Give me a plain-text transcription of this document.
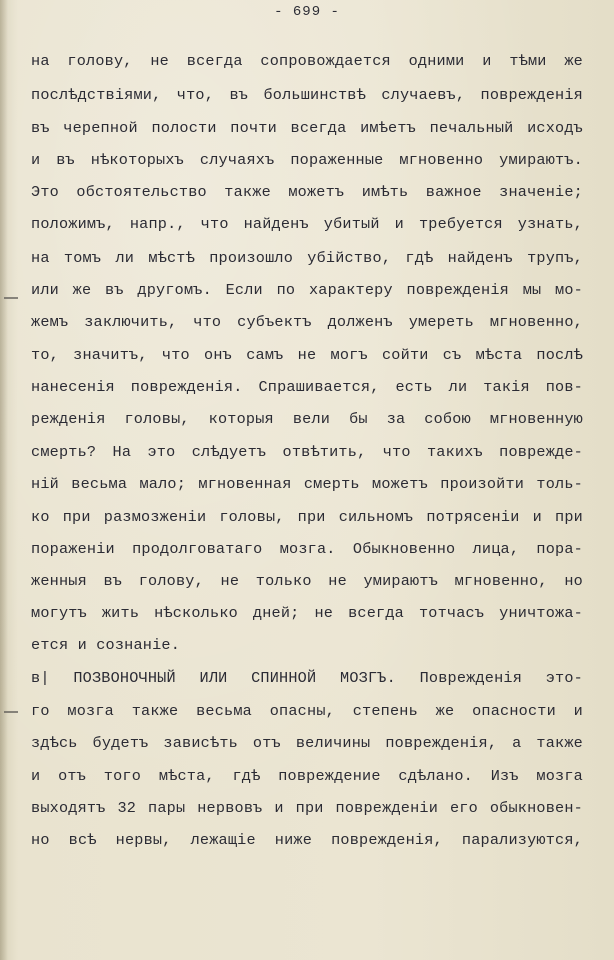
- 699 -
на голову, не всегда сопровождается одними и тѣми же
послѣдствіями, что, въ большинствѣ случаевъ, поврежденія
въ черепной полости почти всегда имѣетъ печальный исходъ
и въ нѣкоторыхъ случаяхъ пораженные мгновенно умираютъ.
Это обстоятельство также можетъ имѣть важное значеніе;
положимъ, напр., что найденъ убитый и требуется узнать,
на томъ ли мѣстѣ произошло убійство, гдѣ найденъ трупъ,
или же въ другомъ. Если по характеру поврежденія мы мо-
жемъ заключить, что субъектъ долженъ умереть мгновенно,
то, значитъ, что онъ самъ не могъ сойти съ мѣста послѣ
нанесенія поврежденія. Спрашивается, есть ли такія пов-
режденія головы, которыя вели бы за собою мгновенную
смерть? На это слѣдуетъ отвѣтить, что такихъ поврежде-
ній весьма мало; мгновенная смерть можетъ произойти толь-
ко при размозженіи головы, при сильномъ потрясеніи и при
пораженіи продолговатаго мозга. Обыкновенно лица, пора-
женныя въ голову, не только не умираютъ мгновенно, но
могутъ жить нѣсколько дней; не всегда тотчасъ уничтожа-
ется и сознаніе.
в| ПОЗВОНОЧНЫЙ ИЛИ СПИННОЙ МОЗГЪ. Поврежденія это-
го мозга также весьма опасны, степень же опасности и
здѣсь будетъ зависѣть отъ величины поврежденія, а также
и отъ того мѣста, гдѣ повреждение сдѣлано. Изъ мозга
выходятъ 32 пары нервовъ и при поврежденіи его обыкновен-
но всѣ нервы, лежащіе ниже поврежденія, парализуются,
